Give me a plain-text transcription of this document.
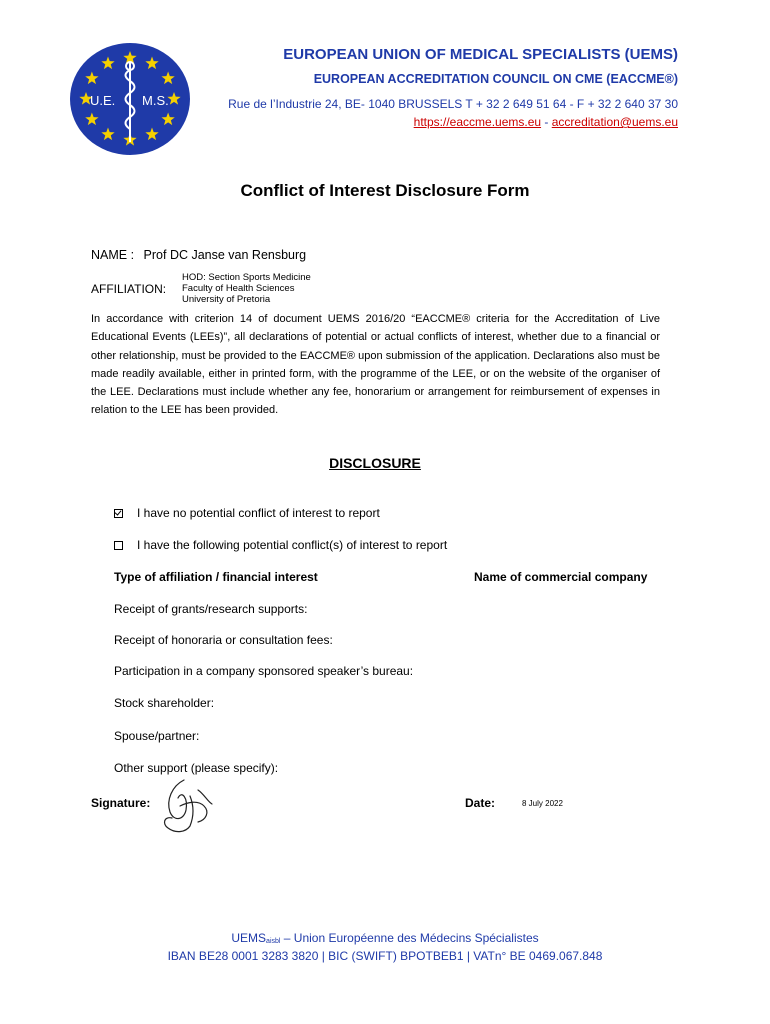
U.E. M.S.
EUROPEAN UNION OF MEDICAL SPECIALISTS (UEMS)
EUROPEAN ACCREDITATION COUNCIL ON CME (EACCME®)
Rue de l’Industrie 24, BE- 1040 BRUSSELS T + 32 2 649 51 64 - F + 32 2 640 37 30
https://eaccme.uems.eu - accreditation@uems.eu
Conflict of Interest Disclosure Form
NAME : Prof DC Janse van Rensburg
AFFILIATION:
HOD: Section Sports Medicine
Faculty of Health Sciences
University of Pretoria
In accordance with criterion 14 of document UEMS 2016/20 “EACCME® criteria for the Accreditation of Live Educational Events (LEEs)”, all declarations of potential or actual conflicts of interest, whether due to a financial or other relationship, must be provided to the EACCME® upon submission of the application. Declarations also must be made readily available, either in printed form, with the programme of the LEE, or on the website of the organiser of the LEE. Declarations must include whether any fee, honorarium or arrangement for reimbursement of expenses in relation to the LEE has been provided.
DISCLOSURE
I have no potential conflict of interest to report
I have the following potential conflict(s) of interest to report
Type of affiliation / financial interest	Name of commercial company
Receipt of grants/research supports:
Receipt of honoraria or consultation fees:
Participation in a company sponsored speaker’s bureau:
Stock shareholder:
Spouse/partner:
Other support (please specify):
Signature:	Date:	8 July 2022
$UEMS_{aisbl}$ – Union Européenne des Médecins Spécialistes
IBAN BE28 0001 3283 3820 | BIC (SWIFT) BPOTBEB1 | VATn° BE 0469.067.848
